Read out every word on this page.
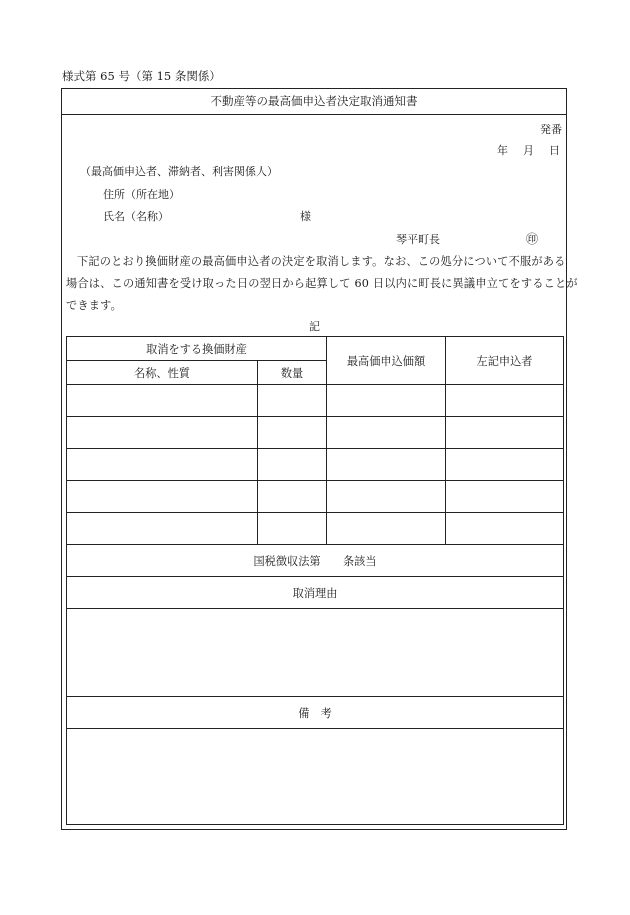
様式第 65 号（第 15 条関係）
不動産等の最高価申込者決定取消通知書
発番
年　月　日
（最高価申込者、滞納者、利害関係人）
住所（所在地）
氏名（名称）	様
琴平町長	㊞
下記のとおり換価財産の最高価申込者の決定を取消します。なお、この処分について不服がある
場合は、この通知書を受け取った日の翌日から起算して 60 日以内に町長に異議申立てをすることが
できます。
記
取消をする換価財産		最高価申込価額	左記申込者
名称、性質	数量		

国税徴収法第　　条該当			
取消理由			

備　考			
